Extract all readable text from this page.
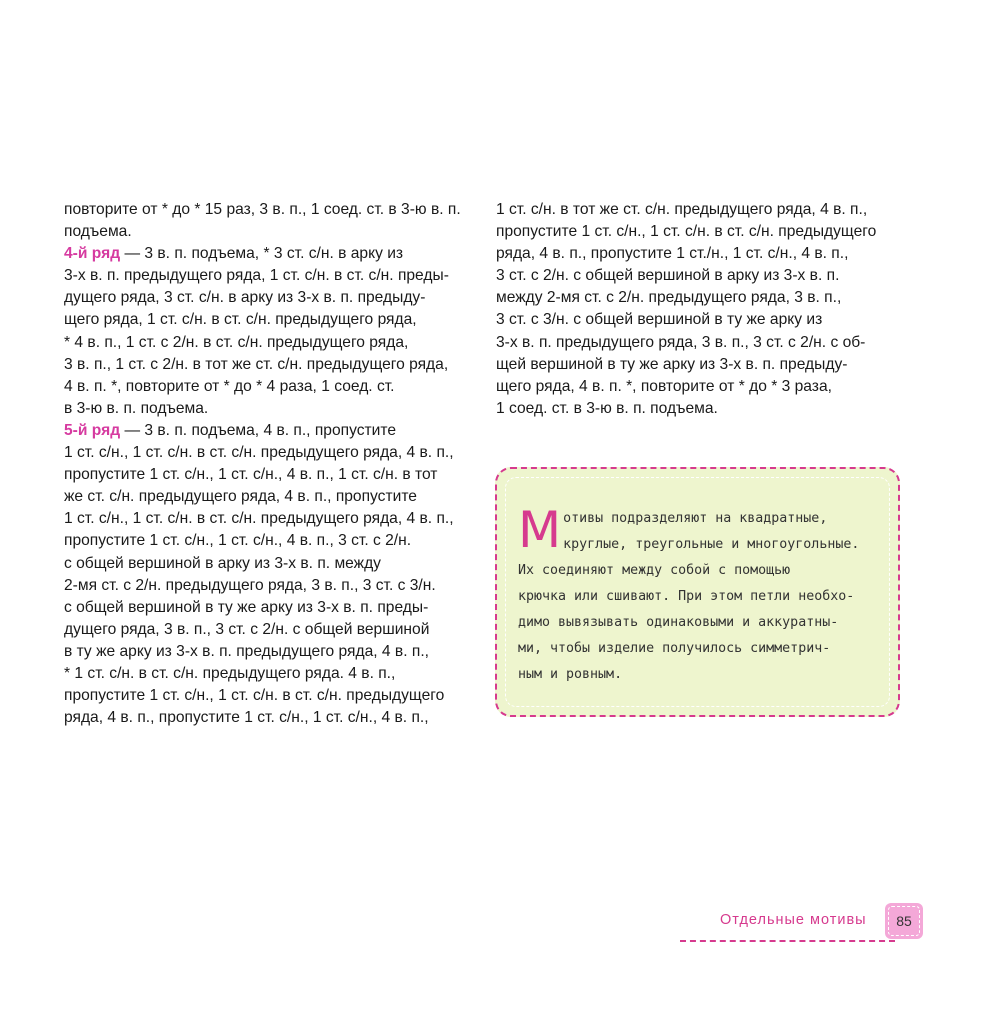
повторите от * до * 15 раз, 3 в. п., 1 соед. ст. в 3-ю в. п.
подъема.
4-й ряд — 3 в. п. подъема, * 3 ст. с/н. в арку из
3-х в. п. предыдущего ряда, 1 ст. с/н. в ст. с/н. преды-
дущего ряда, 3 ст. с/н. в арку из 3-х в. п. предыду-
щего ряда, 1 ст. с/н. в ст. с/н. предыдущего ряда,
* 4 в. п., 1 ст. с 2/н. в ст. с/н. предыдущего ряда,
3 в. п., 1 ст. с 2/н. в тот же ст. с/н. предыдущего ряда,
4 в. п. *, повторите от * до * 4 раза, 1 соед. ст.
в 3-ю в. п. подъема.
5-й ряд — 3 в. п. подъема, 4 в. п., пропустите
1 ст. с/н., 1 ст. с/н. в ст. с/н. предыдущего ряда, 4 в. п.,
пропустите 1 ст. с/н., 1 ст. с/н., 4 в. п., 1 ст. с/н. в тот
же ст. с/н. предыдущего ряда, 4 в. п., пропустите
1 ст. с/н., 1 ст. с/н. в ст. с/н. предыдущего ряда, 4 в. п.,
пропустите 1 ст. с/н., 1 ст. с/н., 4 в. п., 3 ст. с 2/н.
с общей вершиной в арку из 3-х в. п. между
2-мя ст. с 2/н. предыдущего ряда, 3 в. п., 3 ст. с 3/н.
с общей вершиной в ту же арку из 3-х в. п. преды-
дущего ряда, 3 в. п., 3 ст. с 2/н. с общей вершиной
в ту же арку из 3-х в. п. предыдущего ряда, 4 в. п.,
* 1 ст. с/н. в ст. с/н. предыдущего ряда. 4 в. п.,
пропустите 1 ст. с/н., 1 ст. с/н. в ст. с/н. предыдущего
ряда, 4 в. п., пропустите 1 ст. с/н., 1 ст. с/н., 4 в. п.,
1 ст. с/н. в тот же ст. с/н. предыдущего ряда, 4 в. п.,
пропустите 1 ст. с/н., 1 ст. с/н. в ст. с/н. предыдущего
ряда, 4 в. п., пропустите 1 ст./н., 1 ст. с/н., 4 в. п.,
3 ст. с 2/н. с общей вершиной в арку из 3-х в. п.
между 2-мя ст. с 2/н. предыдущего ряда, 3 в. п.,
3 ст. с 3/н. с общей вершиной в ту же арку из
3-х в. п. предыдущего ряда, 3 в. п., 3 ст. с 2/н. с об-
щей вершиной в ту же арку из 3-х в. п. предыду-
щего ряда, 4 в. п. *, повторите от * до * 3 раза,
1 соед. ст. в 3-ю в. п. подъема.
М отивы подразделяют на квадратные,
круглые, треугольные и многоугольные.
Их соединяют между собой с помощью
крючка или сшивают. При этом петли необхо-
димо вывязывать одинаковыми и аккуратны-
ми, чтобы изделие получилось симметрич-
ным и ровным.
Отдельные мотивы	85
